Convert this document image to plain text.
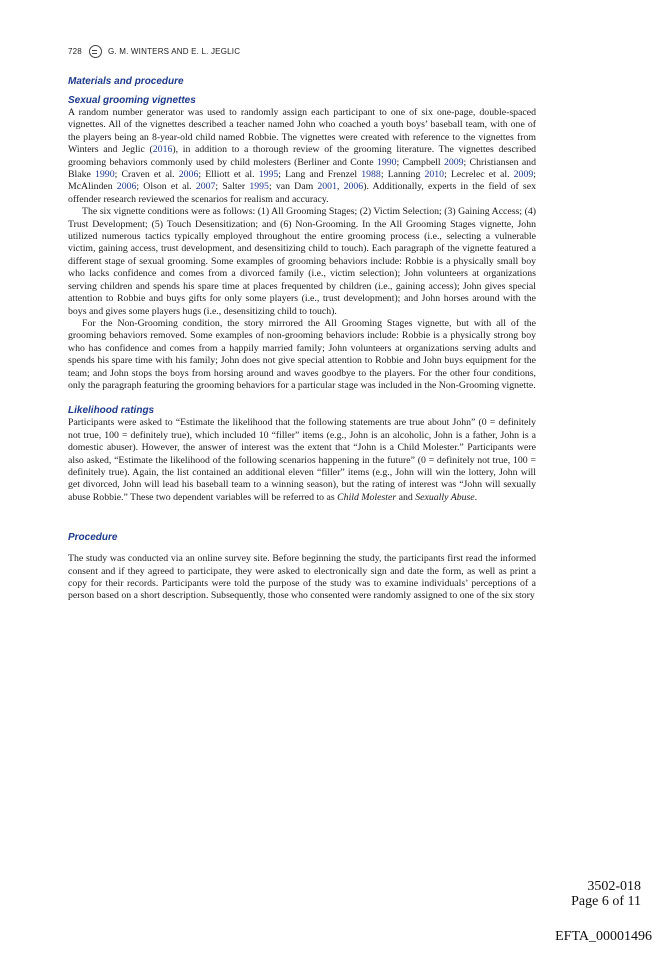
728	G. M. WINTERS AND E. L. JEGLIC
Materials and procedure
Sexual grooming vignettes

A random number generator was used to randomly assign each participant to one of six one-page, double-spaced vignettes. All of the vignettes described a teacher named John who coached a youth boys’ baseball team, with one of the players being an 8-year-old child named Robbie. The vignettes were created with reference to the vignettes from Winters and Jeglic (2016), in addition to a thorough review of the grooming literature. The vignettes described grooming behaviors commonly used by child molesters (Berliner and Conte 1990; Campbell 2009; Christiansen and Blake 1990; Craven et al. 2006; Elliott et al. 1995; Lang and Frenzel 1988; Lanning 2010; Lecrelec et al. 2009; McAlinden 2006; Olson et al. 2007; Salter 1995; van Dam 2001, 2006). Additionally, experts in the field of sex offender research reviewed the scenarios for realism and accuracy.

The six vignette conditions were as follows: (1) All Grooming Stages; (2) Victim Selection; (3) Gaining Access; (4) Trust Development; (5) Touch Desensitization; and (6) Non-Grooming. In the All Grooming Stages vignette, John utilized numerous tactics typically employed throughout the entire grooming process (i.e., selecting a vulnerable victim, gaining access, trust development, and desensitizing child to touch). Each paragraph of the vignette featured a different stage of sexual grooming. Some examples of grooming behaviors include: Robbie is a physically small boy who lacks confidence and comes from a divorced family (i.e., victim selection); John volunteers at organizations serving children and spends his spare time at places frequented by children (i.e., gaining access); John gives special attention to Robbie and buys gifts for only some players (i.e., trust development); and John horses around with the boys and gives some players hugs (i.e., desensitizing child to touch).

For the Non-Grooming condition, the story mirrored the All Grooming Stages vignette, but with all of the grooming behaviors removed. Some examples of non-grooming behaviors include: Robbie is a physically strong boy who has confidence and comes from a happily married family; John volunteers at organizations serving adults and spends his spare time with his family; John does not give special attention to Robbie and John buys equipment for the team; and John stops the boys from horsing around and waves goodbye to the players. For the other four conditions, only the paragraph featuring the grooming behaviors for a particular stage was included in the Non-Grooming vignette.

Likelihood ratings

Participants were asked to “Estimate the likelihood that the following statements are true about John” (0 = definitely not true, 100 = definitely true), which included 10 “filler” items (e.g., John is an alcoholic, John is a father, John is a domestic abuser). However, the answer of interest was the extent that “John is a Child Molester.” Participants were also asked, “Estimate the likelihood of the following scenarios happening in the future” (0 = definitely not true, 100 = definitely true). Again, the list contained an additional eleven “filler” items (e.g., John will win the lottery, John will get divorced, John will lead his baseball team to a winning season), but the rating of interest was “John will sexually abuse Robbie.” These two dependent variables will be referred to as Child Molester and Sexually Abuse.

Procedure

The study was conducted via an online survey site. Before beginning the study, the participants first read the informed consent and if they agreed to participate, they were asked to electronically sign and date the form, as well as print a copy for their records. Participants were told the purpose of the study was to examine individuals’ perceptions of a person based on a short description. Subsequently, those who consented were randomly assigned to one of the six story

3502-018
Page 6 of 11
EFTA_00001496
